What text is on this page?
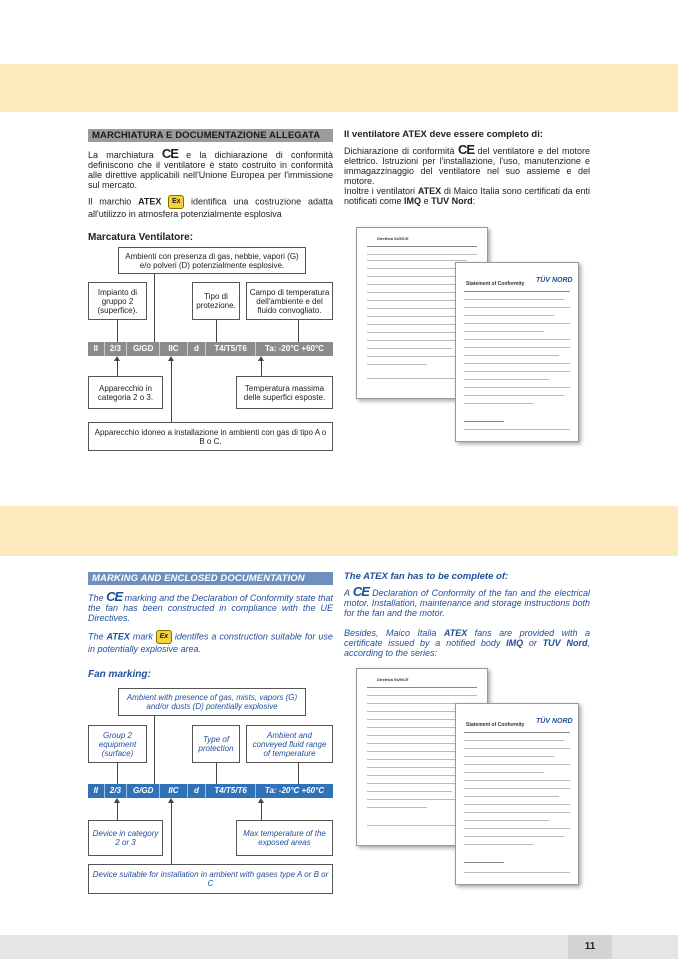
MARCHIATURA E DOCUMENTAZIONE ALLEGATA
La marchiatura CE e la dichiarazione di conformità definiscono che il ventilatore è stato costruito in conformità alle direttive applicabili nell'Unione Europea per l'immissione sul mercato.
Il marchio ATEX Ex identifica una costruzione adatta all'utilizzo in atmosfera potenzialmente esplosiva
Marcatura Ventilatore:
Ambienti con presenza di gas, nebbie, vapori (G) e/o polveri (D) potenzialmente esplosive.
Impianto di gruppo 2 (superfice).
Tipo di protezione.
Campo di temperatura dell'ambiente e del fluido convogliato.
II	2/3	G/GD	IIC	d	T4/T5/T6	Ta: -20°C +60°C
Apparecchio in categoria 2 o 3.
Temperatura massima delle superfici esposte.
Apparecchio idoneo a installazione in ambienti con gas di tipo A o B o C.
Il ventilatore ATEX deve essere completo di:
Dichiarazione di conformità CE del ventilatore e del motore elettrico. Istruzioni per l'installazione, l'uso, manutenzione e immagazzinaggio del ventilatore nel suo assieme e del motore.
Inoltre i ventilatori ATEX di Maico Italia sono certificati da enti notificati come IMQ e TUV Nord:
Direttiva 94/9/CE
Statement of Conformity TÜV NORD
MARKING AND ENCLOSED DOCUMENTATION
The CE marking and the Declaration of Conformity state that the fan has been constructed in compliance with the UE Directives.
The ATEX mark Ex identifes a construction suitable for use in potentially explosive area.
Fan marking:
Ambient with presence of gas, mists, vapors (G) and/or dusts (D) potentially explosive
Group 2 equipment (surface)
Type of protection
Ambient and conveyed fluid range of temperature
II	2/3	G/GD	IIC	d	T4/T5/T6	Ta: -20°C +60°C
Device in category 2 or 3
Max temperature of the exposed areas
Device suitable for installation in ambient with gases type A or B or C
The ATEX fan has to be complete of:
A CE Declaration of Conformity of the fan and the electrical motor. Installation, maintenance and storage instructions both for the fan and the motor.
Besides, Maico Italia ATEX fans are provided with a certificate issued by a notified body IMQ or TUV Nord, according to the series:
Direttiva 94/9/CE
Statement of Conformity TÜV NORD
11
